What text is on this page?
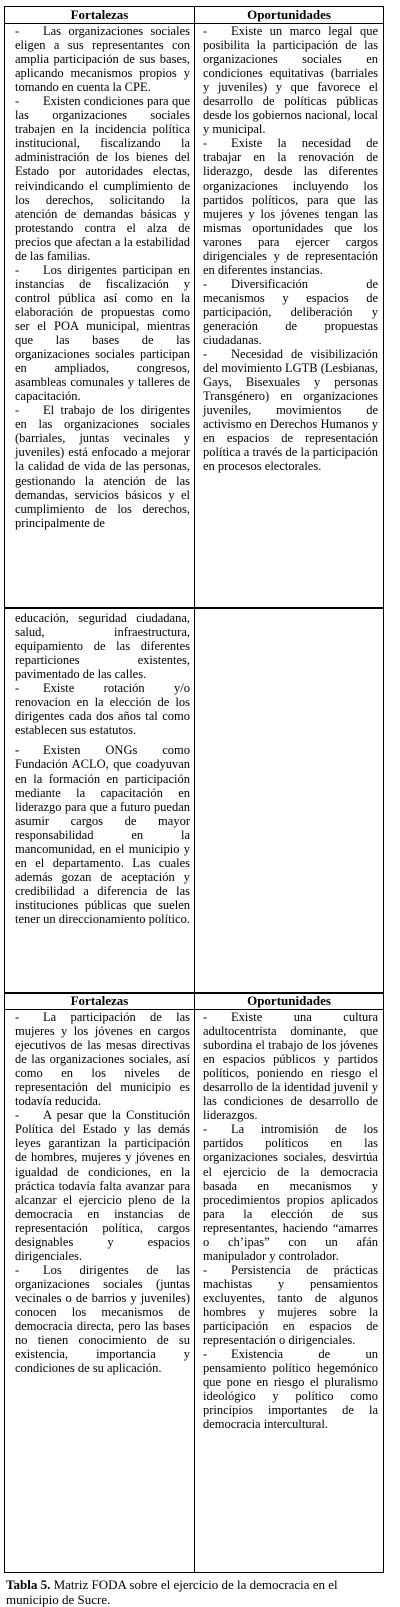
Fortalezas

- Las organizaciones sociales eligen a sus representantes con amplia participación de sus bases, aplicando mecanismos propios y tomando en cuenta la CPE.

- Existen condiciones para que las organizaciones sociales trabajen en la incidencia política institucional, fiscalizando la administración de los bienes del Estado por autoridades electas, reivindicando el cumplimiento de los derechos, solicitando la atención de demandas básicas y protestando contra el alza de precios que afectan a la estabilidad de las familias.

- Los dirigentes participan en instancias de fiscalización y control pública así como en la elaboración de propuestas como ser el POA municipal, mientras que las bases de las organizaciones sociales participan en ampliados, congresos, asambleas comunales y talleres de capacitación.

- El trabajo de los dirigentes en las organizaciones sociales (barriales, juntas vecinales y juveniles) está enfocado a mejorar la calidad de vida de las personas, gestionando la atención de las demandas, servicios básicos y el cumplimiento de los derechos, principalmente de

Oportunidades

- Existe un marco legal que posibilita la participación de las organizaciones sociales en condiciones equitativas (barriales y juveniles) y que favorece el desarrollo de políticas públicas desde los gobiernos nacional, local y municipal.

- Existe la necesidad de trabajar en la renovación de liderazgo, desde las diferentes organizaciones incluyendo los partidos políticos, para que las mujeres y los jóvenes tengan las mismas oportunidades que los varones para ejercer cargos dirigenciales y de representación en diferentes instancias.

- Diversificación de mecanismos y espacios de participación, deliberación y generación de propuestas ciudadanas.

- Necesidad de visibilización del movimiento LGTB (Lesbianas, Gays, Bisexuales y personas Transgénero) en organizaciones juveniles, movimientos de activismo en Derechos Humanos y en espacios de representación política a través de la participación en procesos electorales.

educación, seguridad ciudadana, salud, infraestructura, equipamiento de las diferentes reparticiones existentes, pavimentado de las calles.

- Existe rotación y/o renovacion en la elección de los dirigentes cada dos años tal como establecen sus estatutos.

- Existen ONGs como Fundación ACLO, que coadyuvan en la formación en participación mediante la capacitación en liderazgo para que a futuro puedan asumir cargos de mayor responsabilidad en la mancomunidad, en el municipio y en el departamento. Las cuales además gozan de aceptación y credibilidad a diferencia de las instituciones públicas que suelen tener un direccionamiento político.

Fortalezas

- La participación de las mujeres y los jóvenes en cargos ejecutivos de las mesas directivas de las organizaciones sociales, así como en los niveles de representación del municipio es todavía reducida.

- A pesar que la Constitución Política del Estado y las demás leyes garantizan la participación de hombres, mujeres y jóvenes en igualdad de condiciones, en la práctica todavía falta avanzar para alcanzar el ejercicio pleno de la democracia en instancias de representación política, cargos designables y espacios dirigenciales.

- Los dirigentes de las organizaciones sociales (juntas vecinales o de barrios y juveniles) conocen los mecanismos de democracia directa, pero las bases no tienen conocimiento de su existencia, importancia y condiciones de su aplicación.

Oportunidades

- Existe una cultura adultocentrista dominante, que subordina el trabajo de los jóvenes en espacios públicos y partidos políticos, poniendo en riesgo el desarrollo de la identidad juvenil y las condiciones de desarrollo de liderazgos.

- La intromisión de los partidos políticos en las organizaciones sociales, desvirtúa el ejercicio de la democracia basada en mecanismos y procedimientos propios aplicados para la elección de sus representantes, haciendo “amarres o ch’ipas” con un afán manipulador y controlador.

- Persistencia de prácticas machistas y pensamientos excluyentes, tanto de algunos hombres y mujeres sobre la participación en espacios de representación o dirigenciales.

- Existencia de un pensamiento político hegemónico que pone en riesgo el pluralismo ideológico y político como principios importantes de la democracia intercultural.

Tabla 5. Matriz FODA sobre el ejercicio de la democracia en el municipio de Sucre.
